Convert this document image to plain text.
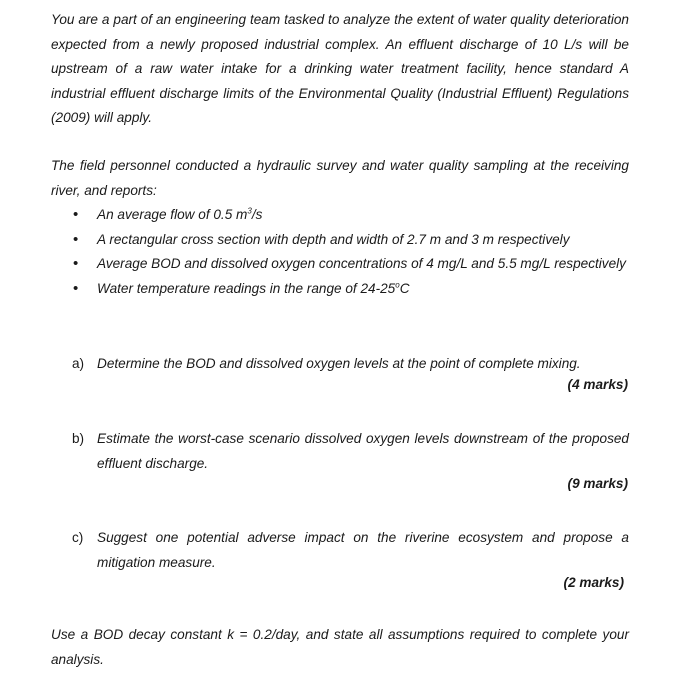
You are a part of an engineering team tasked to analyze the extent of water quality deterioration expected from a newly proposed industrial complex. An effluent discharge of 10 L/s will be upstream of a raw water intake for a drinking water treatment facility, hence standard A industrial effluent discharge limits of the Environmental Quality (Industrial Effluent) Regulations (2009) will apply.

The field personnel conducted a hydraulic survey and water quality sampling at the receiving river, and reports:

• An average flow of 0.5 $m^3/s$
• A rectangular cross section with depth and width of 2.7 m and 3 m respectively
• Average BOD and dissolved oxygen concentrations of 4 mg/L and 5.5 mg/L respectively
• Water temperature readings in the range of 24-25$^o$C
a) Determine the BOD and dissolved oxygen levels at the point of complete mixing.
(4 marks)
b) Estimate the worst-case scenario dissolved oxygen levels downstream of the proposed effluent discharge.
(9 marks)
c) Suggest one potential adverse impact on the riverine ecosystem and propose a mitigation measure.
(2 marks)

Use a BOD decay constant k = 0.2/day, and state all assumptions required to complete your analysis.
